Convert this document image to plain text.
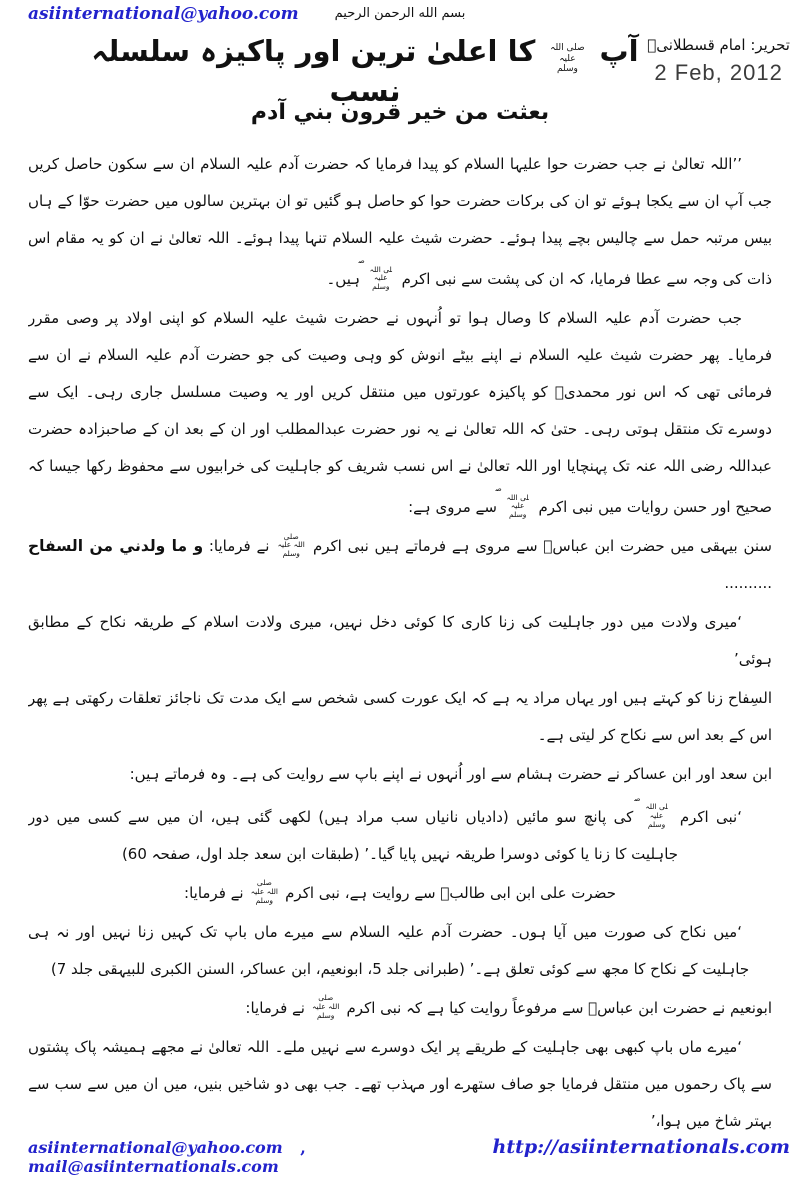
asiinternational@yahoo.com	بسم الله الرحمن الرحيم
تحریر: امام قسطلانیؒ
2 Feb, 2012
آپ صلی اللہ علیہ وسلم کا اعلیٰ ترین اور پاکیزہ سلسلہ نسب
بعثت من خير قرون بني آدم

’’اللہ تعالیٰ نے جب حضرت حوا علیہا السلام کو پیدا فرمایا کہ حضرت آدم علیہ السلام ان سے سکون حاصل کریں جب آپ ان سے یکجا ہوئے تو ان کی برکات حضرت حوا کو حاصل ہو گئیں تو ان بہترین سالوں میں حضرت حوّا کے ہاں بیس مرتبہ حمل سے چالیس بچے پیدا ہوئے۔ حضرت شیث علیہ السلام تنہا پیدا ہوئے۔ اللہ تعالیٰ نے ان کو یہ مقام اس ذات کی وجہ سے عطا فرمایا، کہ ان کی پشت سے نبی اکرم صلی اللہ علیہ وسلم ہیں۔

جب حضرت آدم علیہ السلام کا وصال ہوا تو اُنہوں نے حضرت شیث علیہ السلام کو اپنی اولاد پر وصی مقرر فرمایا۔ پھر حضرت شیث علیہ السلام نے اپنے بیٹے انوش کو وہی وصیت کی جو حضرت آدم علیہ السلام نے ان سے فرمائی تھی کہ اس نور محمدیؐ کو پاکیزہ عورتوں میں منتقل کریں اور یہ وصیت مسلسل جاری رہی۔ ایک سے دوسرے تک منتقل ہوتی رہی۔ حتیٰ کہ اللہ تعالیٰ نے یہ نور حضرت عبدالمطلب اور ان کے بعد ان کے صاحبزادہ حضرت عبداللہ رضی اللہ عنہ تک پہنچایا اور اللہ تعالیٰ نے اس نسب شریف کو جاہلیت کی خرابیوں سے محفوظ رکھا جیسا کہ صحیح اور حسن روایات میں نبی اکرم صلی اللہ علیہ وسلم سے مروی ہے:

سنن بیہقی میں حضرت ابن عباسؓ سے مروی ہے فرماتے ہیں نبی اکرم صلی اللہ علیہ وسلم نے فرمایا: و ما ولدني من السفاح ..........

‘میری ولادت میں دور جاہلیت کی زنا کاری کا کوئی دخل نہیں، میری ولادت اسلام کے طریقہ نکاح کے مطابق ہوئی’

السِفاح زنا کو کہتے ہیں اور یہاں مراد یہ ہے کہ ایک عورت کسی شخص سے ایک مدت تک ناجائز تعلقات رکھتی ہے پھر اس کے بعد اس سے نکاح کر لیتی ہے۔

ابن سعد اور ابن عساکر نے حضرت ہشام سے اور اُنہوں نے اپنے باپ سے روایت کی ہے۔ وہ فرماتے ہیں:

‘نبی اکرم صلی اللہ علیہ وسلم کی پانچ سو مائیں (دادیاں نانیاں سب مراد ہیں) لکھی گئی ہیں، ان میں سے کسی میں دور جاہلیت کا زنا یا کوئی دوسرا طریقہ نہیں پایا گیا۔’ (طبقات ابن سعد جلد اول، صفحہ 60)

حضرت علی ابن ابی طالبؓ سے روایت ہے، نبی اکرم صلی اللہ علیہ وسلم نے فرمایا:

‘میں نکاح کی صورت میں آیا ہوں۔ حضرت آدم علیہ السلام سے میرے ماں باپ تک کہیں زنا نہیں اور نہ ہی جاہلیت کے نکاح کا مجھ سے کوئی تعلق ہے۔’ (طبرانی جلد 5، ابونعیم، ابن عساکر، السنن الکبری للبیہقی جلد 7)

ابونعیم نے حضرت ابن عباسؓ سے مرفوعاً روایت کیا ہے کہ نبی اکرم صلی اللہ علیہ وسلم نے فرمایا:

‘میرے ماں باپ کبھی بھی جاہلیت کے طریقے پر ایک دوسرے سے نہیں ملے۔ اللہ تعالیٰ نے مجھے ہمیشہ پاک پشتوں سے پاک رحموں میں منتقل فرمایا جو صاف ستھرے اور مہذب تھے۔ جب بھی دو شاخیں بنیں، میں ان میں سے سب سے بہتر شاخ میں ہوا،’

asiinternational@yahoo.com , mail@asiinternationals.com
http://asiinternationals.com
